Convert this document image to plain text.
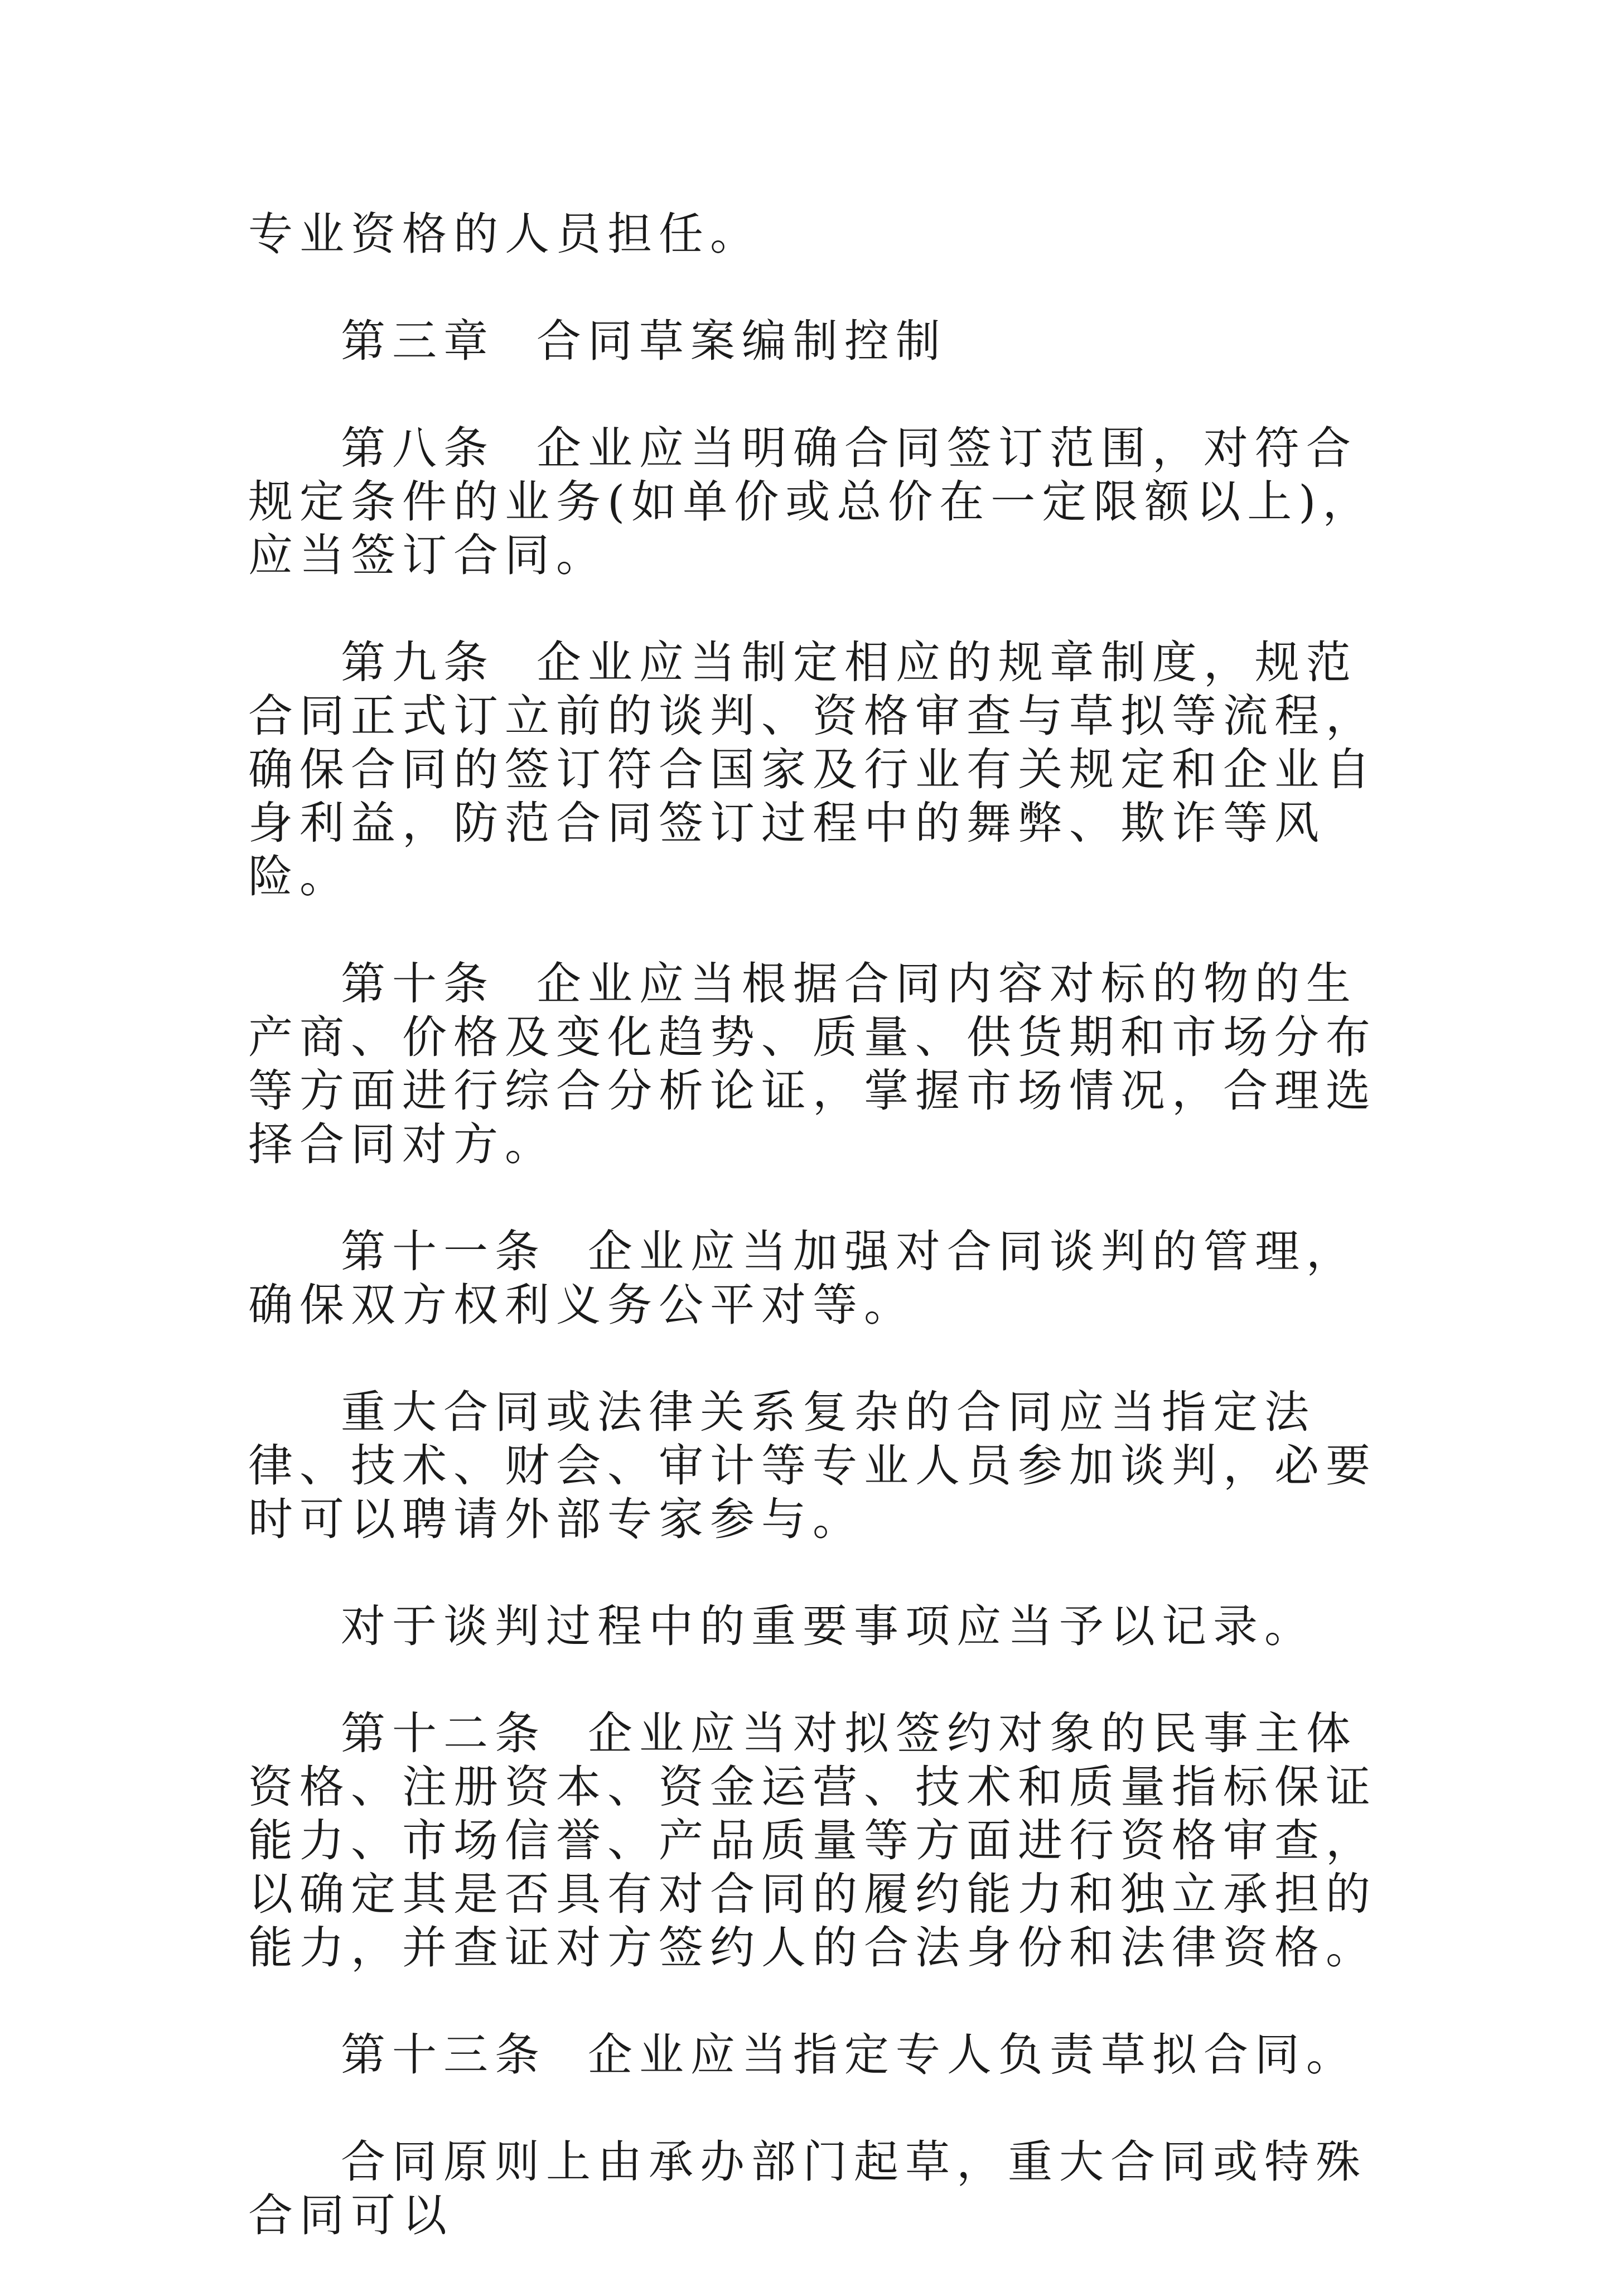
专业资格的人员担任。

第三章  合同草案编制控制

第八条  企业应当明确合同签订范围，对符合规定条件的业务(如单价或总价在一定限额以上)，应当签订合同。

第九条  企业应当制定相应的规章制度，规范合同正式订立前的谈判、资格审查与草拟等流程，确保合同的签订符合国家及行业有关规定和企业自身利益，防范合同签订过程中的舞弊、欺诈等风险。

第十条  企业应当根据合同内容对标的物的生产商、价格及变化趋势、质量、供货期和市场分布等方面进行综合分析论证，掌握市场情况，合理选择合同对方。

第十一条  企业应当加强对合同谈判的管理，确保双方权利义务公平对等。

重大合同或法律关系复杂的合同应当指定法律、技术、财会、审计等专业人员参加谈判，必要时可以聘请外部专家参与。

对于谈判过程中的重要事项应当予以记录。

第十二条  企业应当对拟签约对象的民事主体资格、注册资本、资金运营、技术和质量指标保证能力、市场信誉、产品质量等方面进行资格审查，以确定其是否具有对合同的履约能力和独立承担的能力，并查证对方签约人的合法身份和法律资格。

第十三条  企业应当指定专人负责草拟合同。

合同原则上由承办部门起草，重大合同或特殊合同可以
